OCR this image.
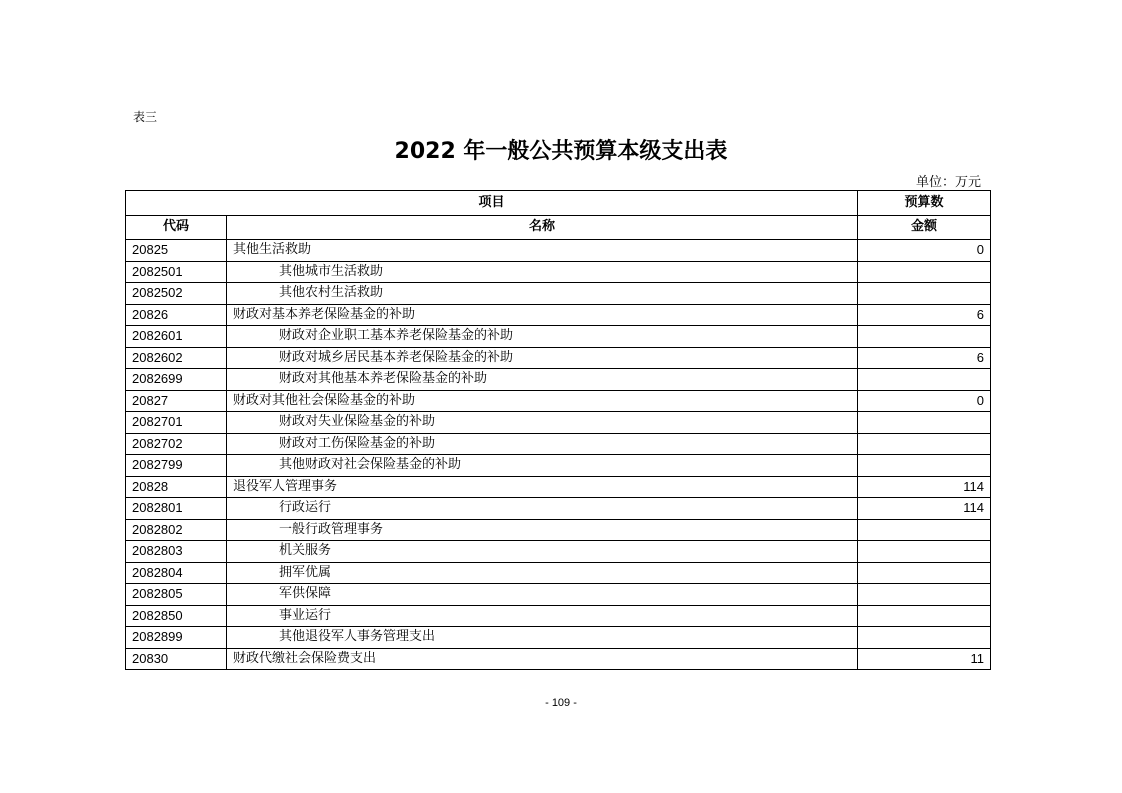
表三
2022 年一般公共预算本级支出表
单位：万元
项目		预算数
代码	名称	金额
20825	其他生活救助	0
2082501	其他城市生活救助	
2082502	其他农村生活救助	
20826	财政对基本养老保险基金的补助	6
2082601	财政对企业职工基本养老保险基金的补助	
2082602	财政对城乡居民基本养老保险基金的补助	6
2082699	财政对其他基本养老保险基金的补助	
20827	财政对其他社会保险基金的补助	0
2082701	财政对失业保险基金的补助	
2082702	财政对工伤保险基金的补助	
2082799	其他财政对社会保险基金的补助	
20828	退役军人管理事务	114
2082801	行政运行	114
2082802	一般行政管理事务	
2082803	机关服务	
2082804	拥军优属	
2082805	军供保障	
2082850	事业运行	
2082899	其他退役军人事务管理支出	
20830	财政代缴社会保险费支出	11
- 109 -
